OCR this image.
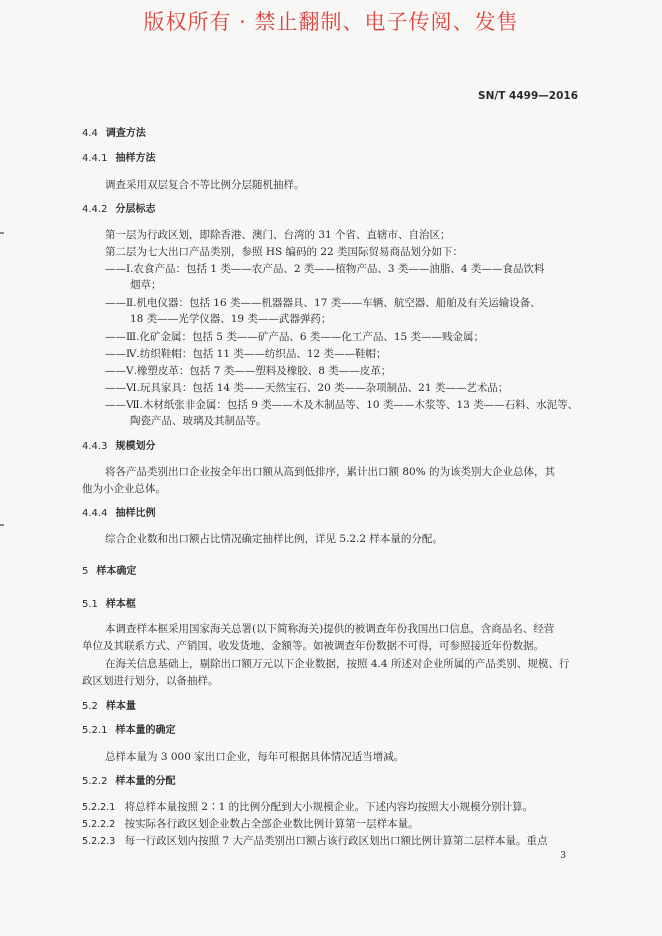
版权所有 · 禁止翻制、电子传阅、发售
SN/T 4499—2016
4.4 调查方法
4.4.1 抽样方法
调查采用双层复合不等比例分层随机抽样。
4.4.2 分层标志
第一层为行政区划，即除香港、澳门、台湾的 31 个省、直辖市、自治区；
第二层为七大出口产品类别，参照 HS 编码的 22 类国际贸易商品划分如下：
——Ⅰ.农食产品：包括 1 类——农产品、2 类——植物产品、3 类——油脂、4 类——食品饮料
烟草；
——Ⅱ.机电仪器：包括 16 类——机器器具、17 类——车辆、航空器、船舶及有关运输设备、
18 类——光学仪器、19 类——武器弹药；
——Ⅲ.化矿金属：包括 5 类——矿产品、6 类——化工产品、15 类——贱金属；
——Ⅳ.纺织鞋帽：包括 11 类——纺织品、12 类——鞋帽；
——Ⅴ.橡塑皮革：包括 7 类——塑料及橡胶、8 类——皮革；
——Ⅵ.玩具家具：包括 14 类——天然宝石、20 类——杂项制品、21 类——艺术品；
——Ⅶ.木材纸张非金属：包括 9 类——木及木制品等、10 类——木浆等、13 类——石料、水泥等、
陶瓷产品、玻璃及其制品等。
4.4.3 规模划分
将各产品类别出口企业按全年出口额从高到低排序，累计出口额 80% 的为该类别大企业总体，其
他为小企业总体。
4.4.4 抽样比例
综合企业数和出口额占比情况确定抽样比例，详见 5.2.2 样本量的分配。
5 样本确定
5.1 样本框
本调查样本框采用国家海关总署(以下简称海关)提供的被调查年份我国出口信息，含商品名、经营
单位及其联系方式、产销国、收发货地、金额等。如被调查年份数据不可得，可参照接近年份数据。
在海关信息基础上，剔除出口额万元以下企业数据，按照 4.4 所述对企业所属的产品类别、规模、行
政区划进行划分，以备抽样。
5.2 样本量
5.2.1 样本量的确定
总样本量为 3 000 家出口企业，每年可根据具体情况适当增减。
5.2.2 样本量的分配
5.2.2.1 将总样本量按照 2∶1 的比例分配到大小规模企业。下述内容均按照大小规模分别计算。
5.2.2.2 按实际各行政区划企业数占全部企业数比例计算第一层样本量。
5.2.2.3 每一行政区划内按照 7 大产品类别出口额占该行政区划出口额比例计算第二层样本量。重点
3
